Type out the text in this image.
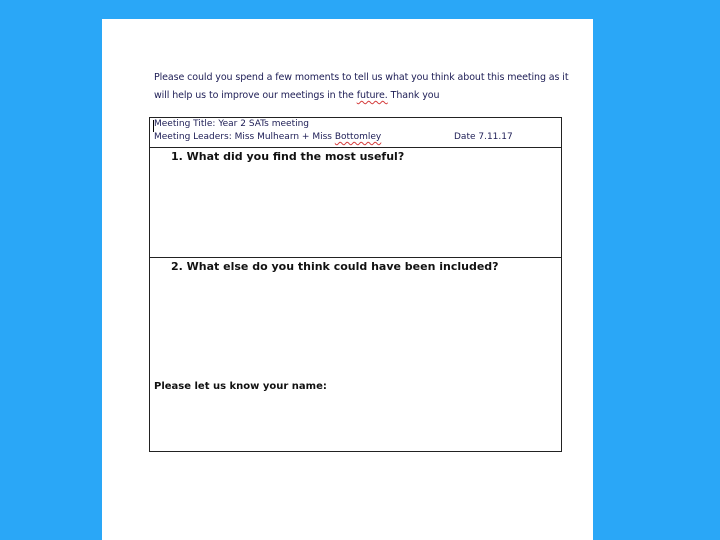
Please could you spend a few moments to tell us what you think about this meeting as it
will help us to improve our meetings in the future. Thank you
Meeting Title: Year 2 SATs meeting
Meeting Leaders: Miss Mulhearn + Miss Bottomley	Date 7.11.17
1. What did you find the most useful?
2. What else do you think could have been included?
Please let us know your name:
